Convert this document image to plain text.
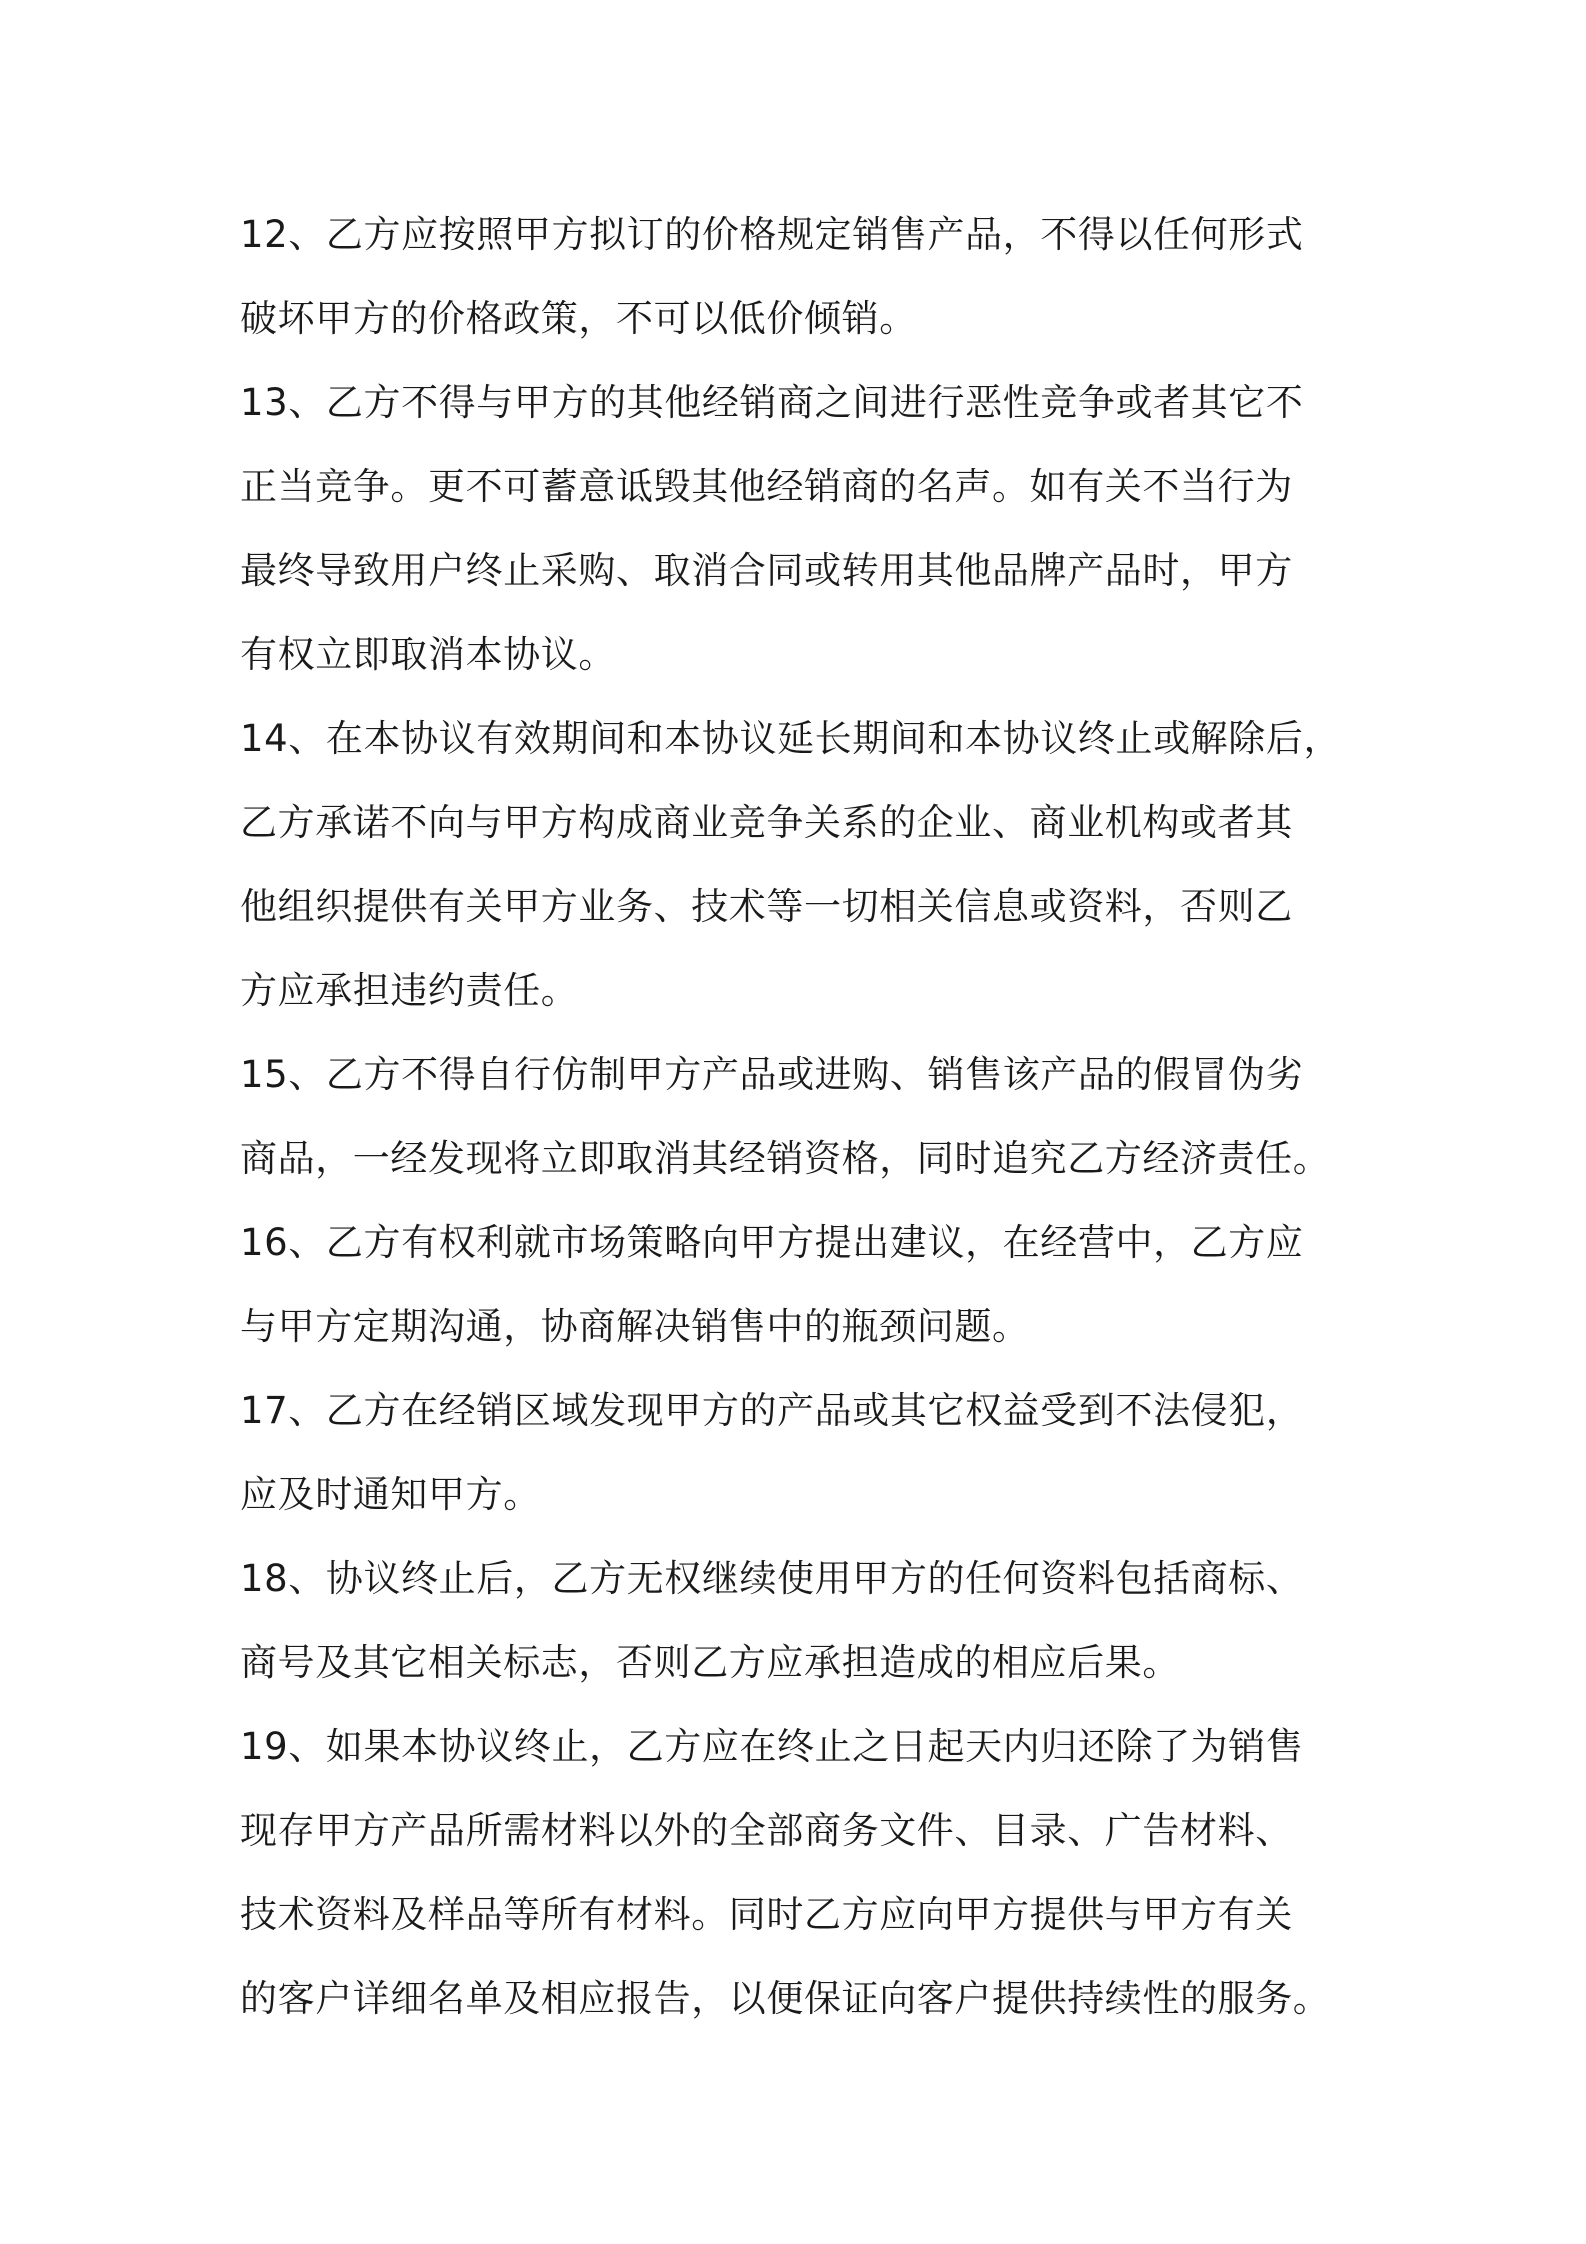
12、乙方应按照甲方拟订的价格规定销售产品，不得以任何形式
破坏甲方的价格政策，不可以低价倾销。
13、乙方不得与甲方的其他经销商之间进行恶性竞争或者其它不
正当竞争。更不可蓄意诋毁其他经销商的名声。如有关不当行为
最终导致用户终止采购、取消合同或转用其他品牌产品时，甲方
有权立即取消本协议。
14、在本协议有效期间和本协议延长期间和本协议终止或解除后，
乙方承诺不向与甲方构成商业竞争关系的企业、商业机构或者其
他组织提供有关甲方业务、技术等一切相关信息或资料，否则乙
方应承担违约责任。
15、乙方不得自行仿制甲方产品或进购、销售该产品的假冒伪劣
商品，一经发现将立即取消其经销资格，同时追究乙方经济责任。
16、乙方有权利就市场策略向甲方提出建议，在经营中，乙方应
与甲方定期沟通，协商解决销售中的瓶颈问题。
17、乙方在经销区域发现甲方的产品或其它权益受到不法侵犯，
应及时通知甲方。
18、协议终止后，乙方无权继续使用甲方的任何资料包括商标、
商号及其它相关标志，否则乙方应承担造成的相应后果。
19、如果本协议终止，乙方应在终止之日起天内归还除了为销售
现存甲方产品所需材料以外的全部商务文件、目录、广告材料、
技术资料及样品等所有材料。同时乙方应向甲方提供与甲方有关
的客户详细名单及相应报告，以便保证向客户提供持续性的服务。
